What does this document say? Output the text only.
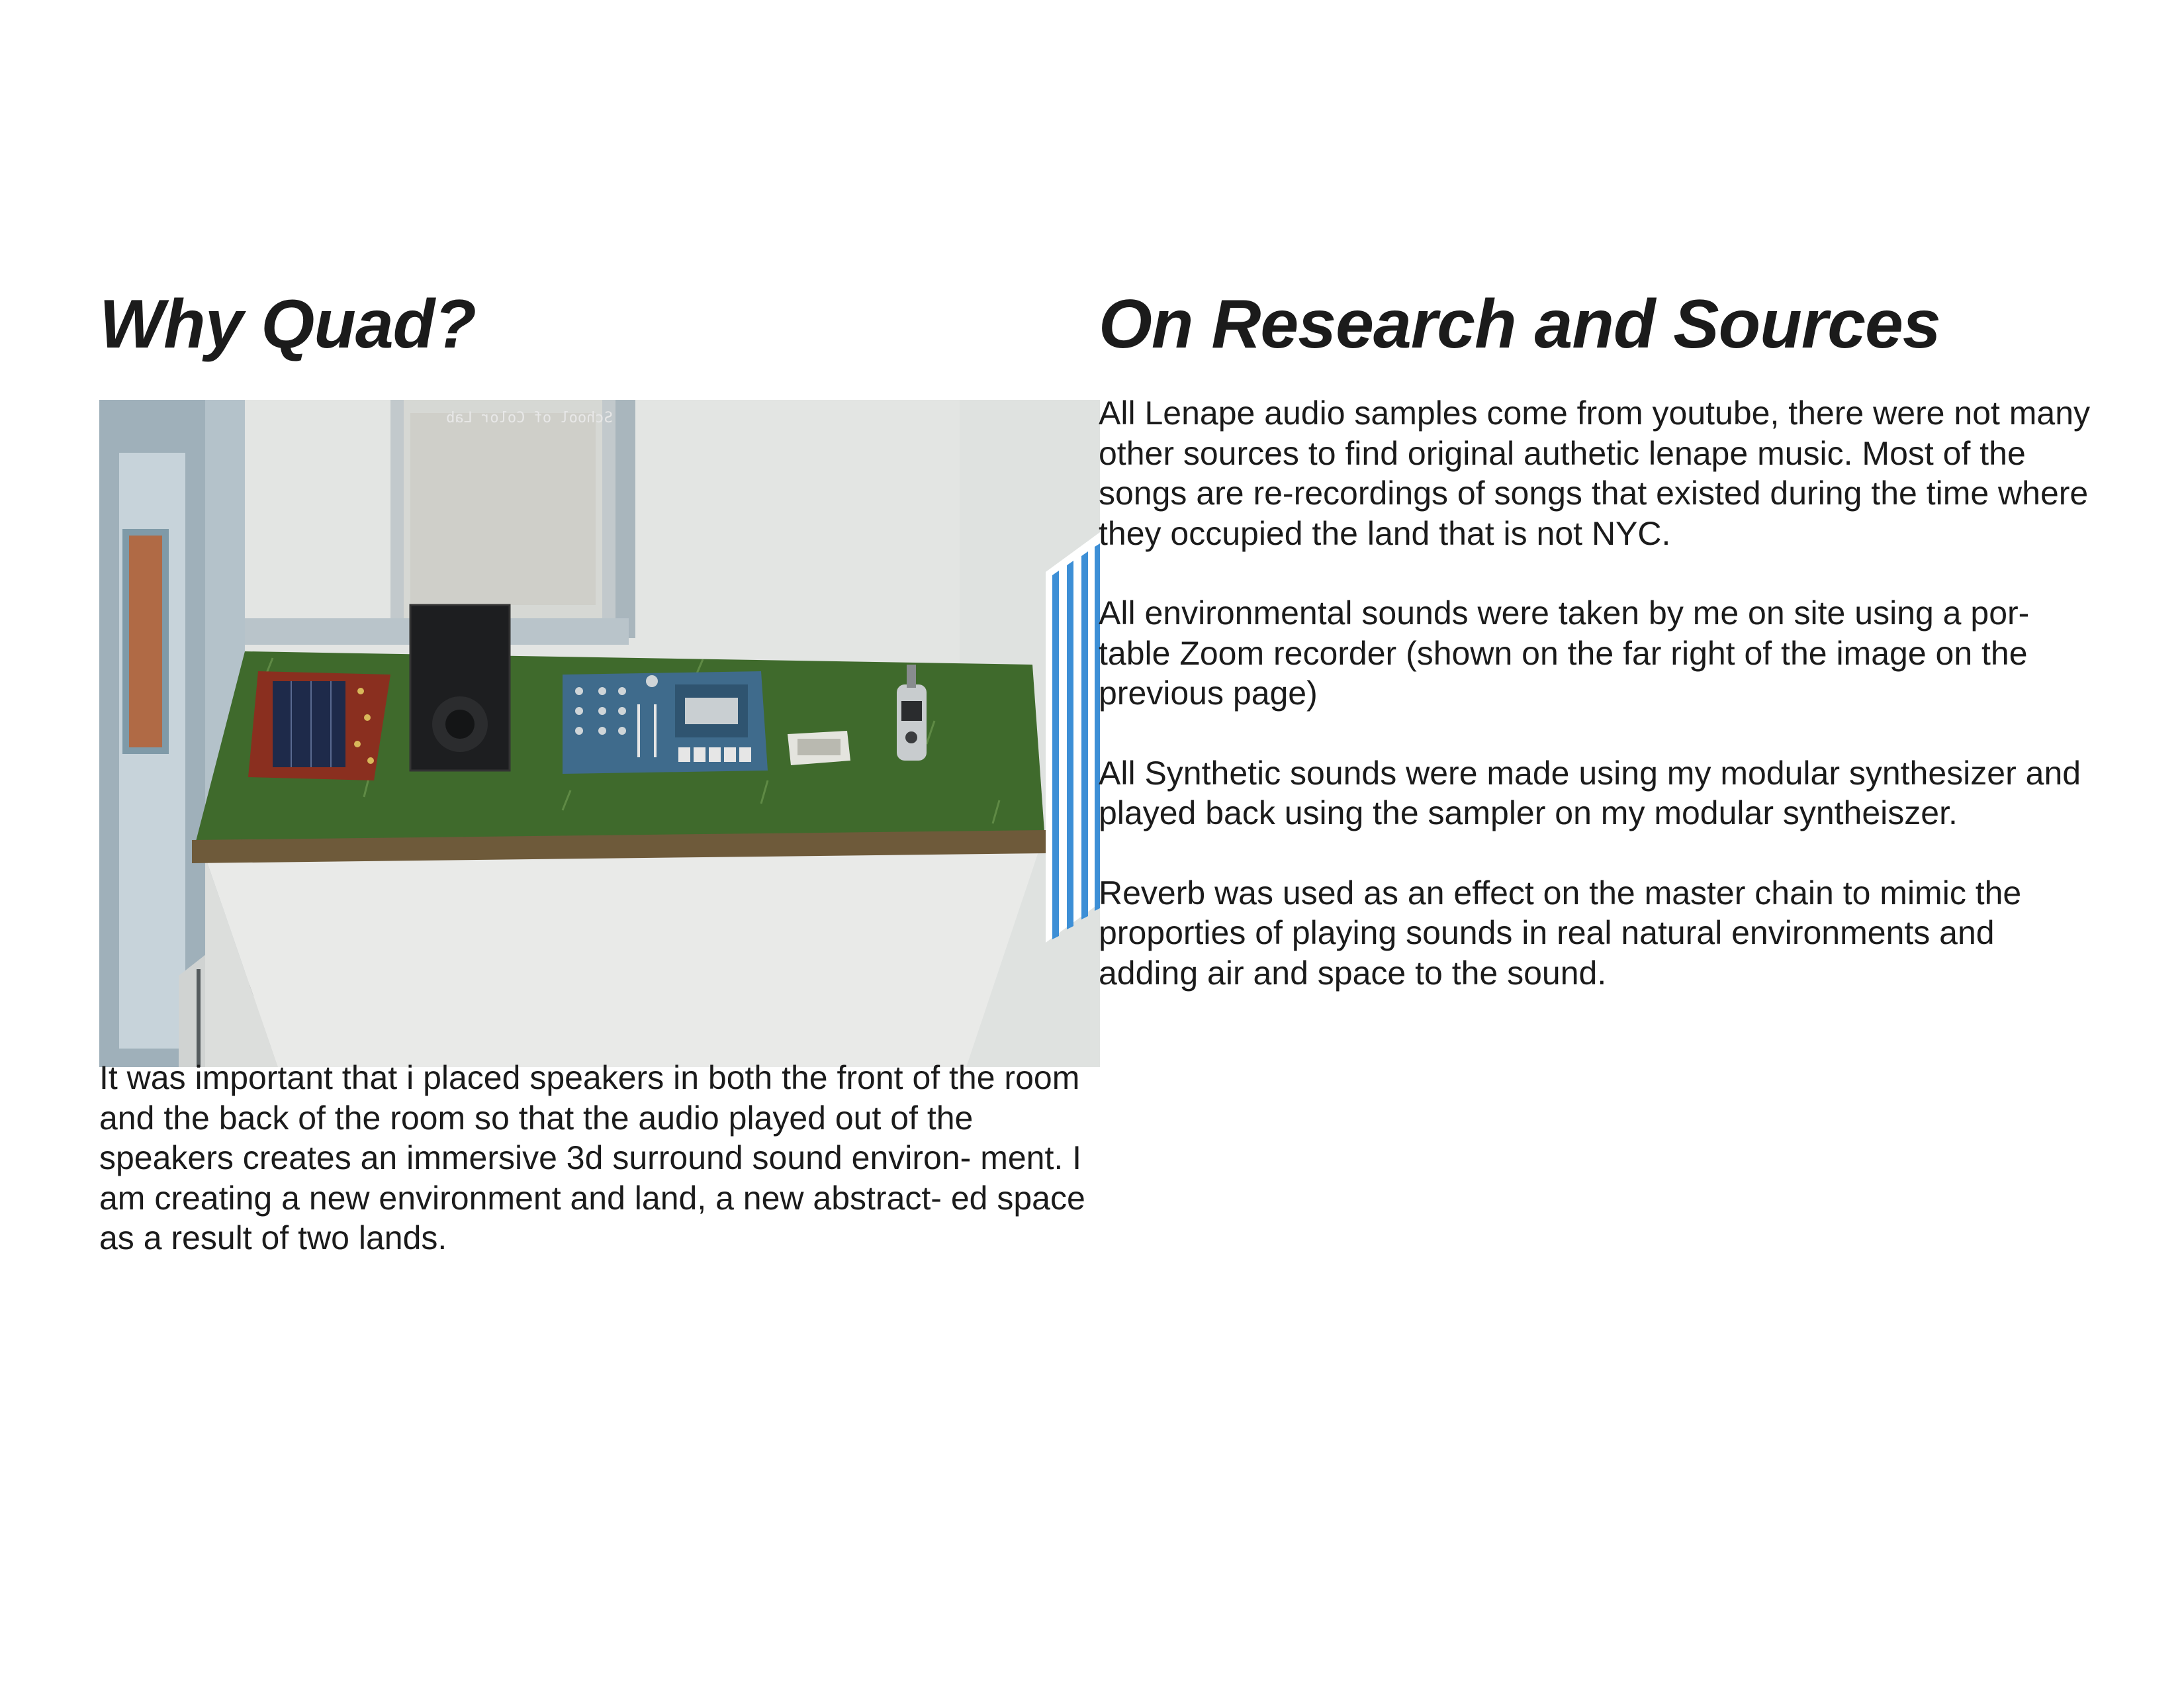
Why Quad?
School of Color Lab

It was important that i placed speakers in both the front of the room and the back of the room so that the audio played out of the speakers creates an immersive 3d surround sound environ- ment. I am creating a new environment and land, a new abstract- ed space as a result of two lands.

On Research and Sources

All Lenape audio samples come from youtube, there were not many other sources to find original authetic lenape music. Most of the songs are re-recordings of songs that existed during the time where they occupied the land that is not NYC.

All environmental sounds were taken by me on site using a por- table Zoom recorder (shown on the far right of the image on the previous page)

All Synthetic sounds were made using my modular synthesizer and played back using the sampler on my modular syntheiszer.

Reverb was used as an effect on the master chain to mimic the proporties of playing sounds in real natural environments and adding air and space to the sound.
